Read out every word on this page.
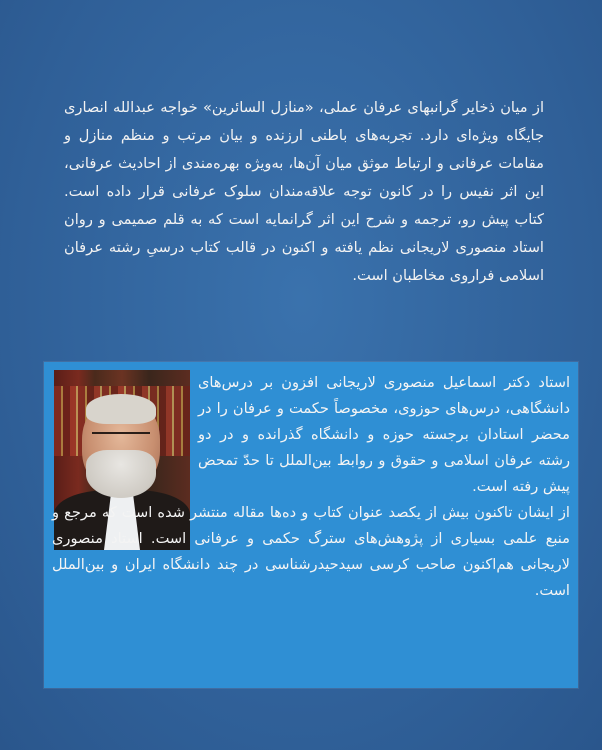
از میان ذخایر گرانبهای عرفان عملی، «منازل السائرین» خواجه عبدالله انصاری جایگاه ویژه‌ای دارد. تجربه‌های باطنی ارزنده و بیان مرتب و منظم منازل و مقامات عرفانی و ارتباط موثق میان آن‌ها، به‌ویژه بهره‌مندی از احادیث عرفانی، این اثر نفیس را در کانون توجه علاقه‌مندان سلوک عرفانی قرار داده است. کتاب پیش رو، ترجمه و شرح این اثر گرانمایه است که به قلم صمیمی و روان استاد منصوری لاریجانی نظم یافته و اکنون در قالب کتاب درسیِ رشته عرفان اسلامی فراروی مخاطبان است.

استاد دکتر اسماعیل منصوری لاریجانی افزون بر درس‌های دانشگاهی، درس‌های حوزوی، مخصوصاً حکمت و عرفان را در محضر استادان برجسته حوزه و دانشگاه گذرانده و در دو رشته عرفان اسلامی و حقوق و روابط بین‌الملل تا حدّ تمحض پیش رفته است.

از ایشان تاکنون بیش از یکصد عنوان کتاب و ده‌ها مقاله منتشر شده است که مرجع و منبع علمی بسیاری از پژوهش‌های سترگ حکمی و عرفانی است. استاد منصوری لاریجانی هم‌اکنون صاحب کرسی سیدحیدرشناسی در چند دانشگاه ایران و بین‌الملل است.
